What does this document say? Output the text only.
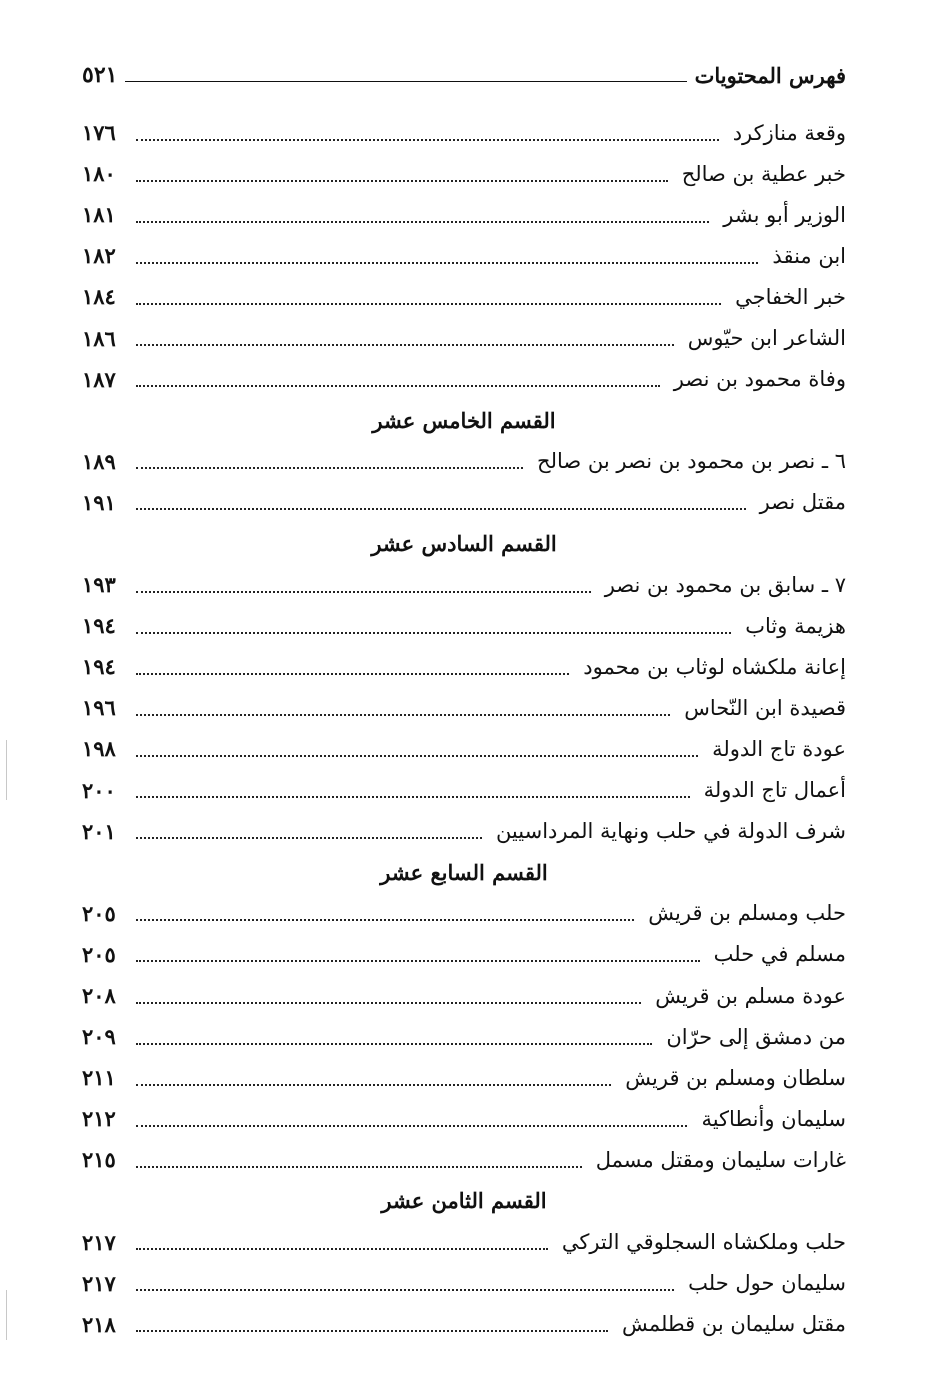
فهرس المحتويات
٥٢١
وقعة منازكرد
١٧٦
خبر عطية بن صالح
١٨٠
الوزير أبو بشر
١٨١
ابن منقذ
١٨٢
خبر الخفاجي
١٨٤
الشاعر ابن حيّوس
١٨٦
وفاة محمود بن نصر
١٨٧
القسم الخامس عشر
٦ ـ نصر بن محمود بن نصر بن صالح
١٨٩
مقتل نصر
١٩١
القسم السادس عشر
٧ ـ سابق بن محمود بن نصر
١٩٣
هزيمة وثاب
١٩٤
إعانة ملكشاه لوثاب بن محمود
١٩٤
قصيدة ابن النّحاس
١٩٦
عودة تاج الدولة
١٩٨
أعمال تاج الدولة
٢٠٠
شرف الدولة في حلب ونهاية المرداسيين
٢٠١
القسم السابع عشر
حلب ومسلم بن قريش
٢٠٥
مسلم في حلب
٢٠٥
عودة مسلم بن قريش
٢٠٨
من دمشق إلى حرّان
٢٠٩
سلطان ومسلم بن قريش
٢١١
سليمان وأنطاكية
٢١٢
غارات سليمان ومقتل مسمل
٢١٥
القسم الثامن عشر
حلب وملكشاه السجلوقي التركي
٢١٧
سليمان حول حلب
٢١٧
مقتل سليمان بن قطلمش
٢١٨
